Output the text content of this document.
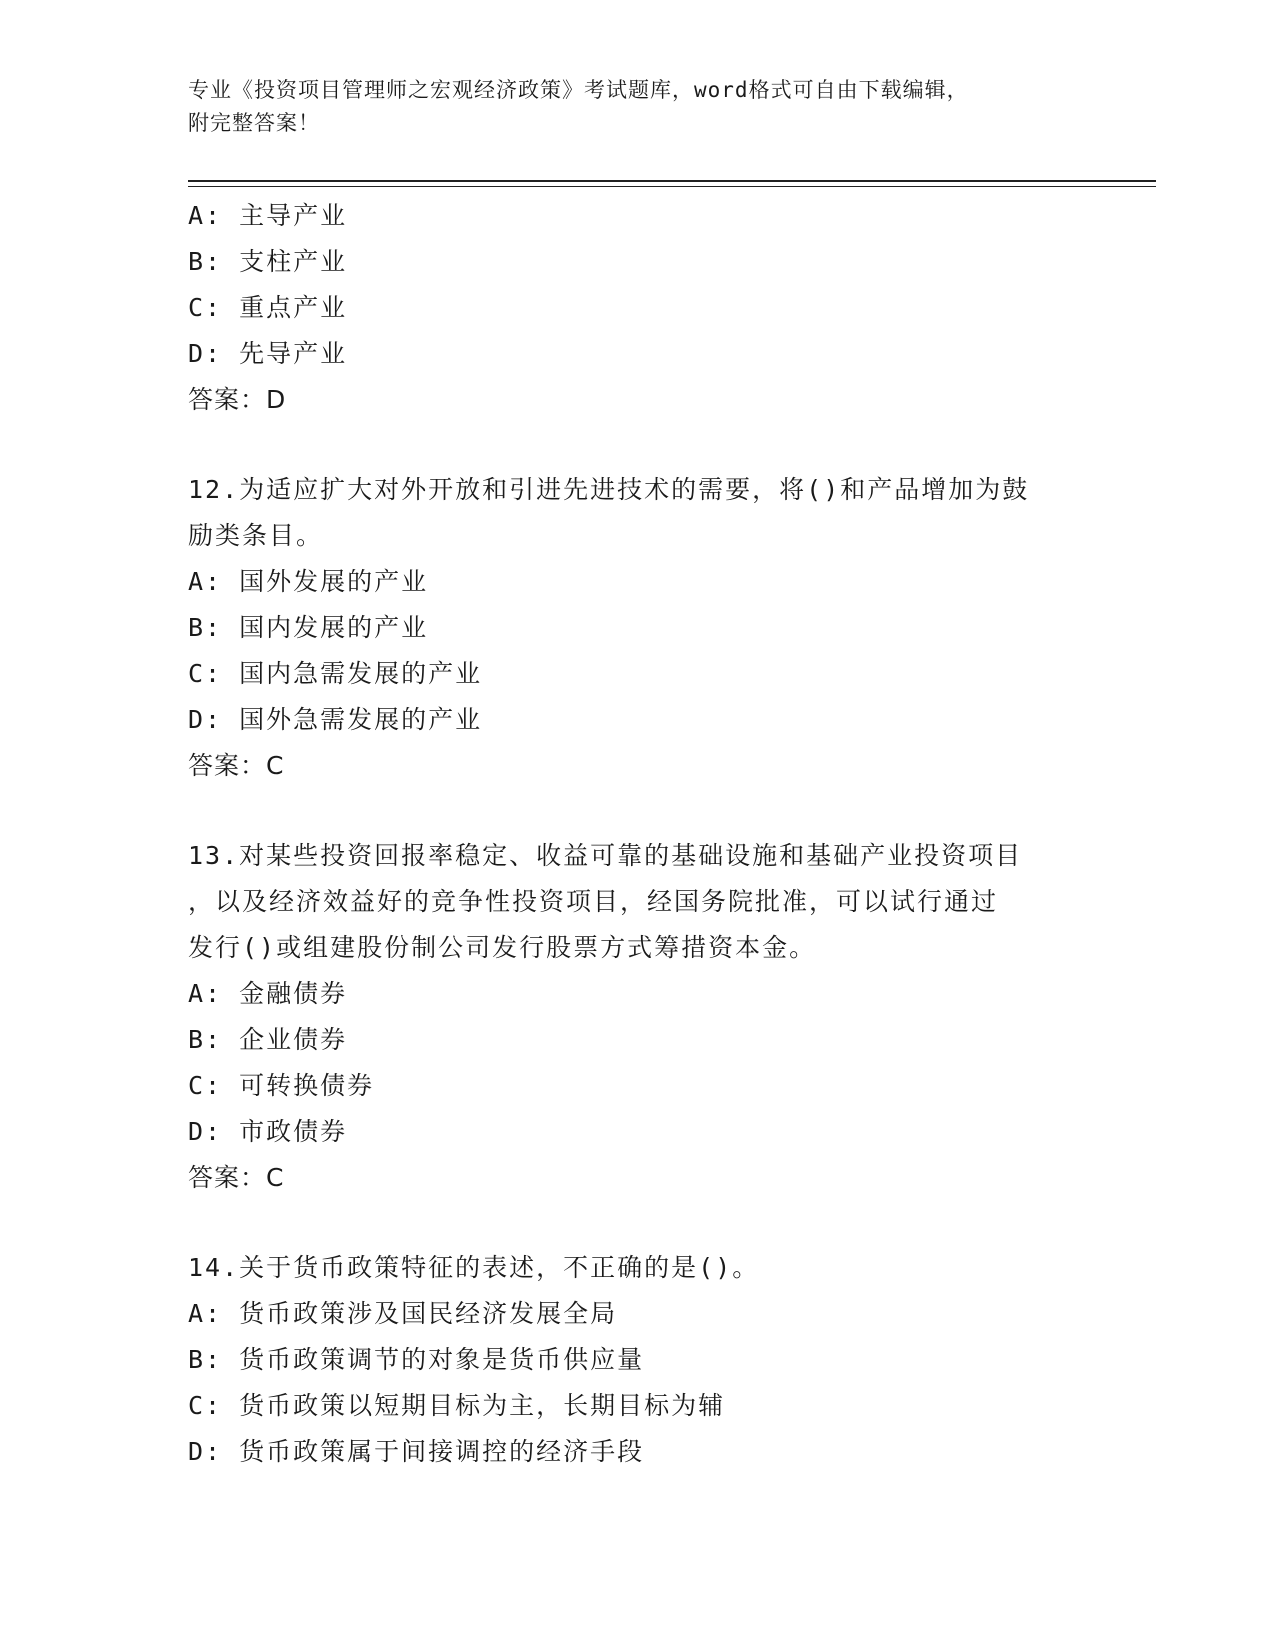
专业《投资项目管理师之宏观经济政策》考试题库，word格式可自由下载编辑，
附完整答案！
A: 主导产业
B: 支柱产业
C: 重点产业
D: 先导产业
答案：D
12.为适应扩大对外开放和引进先进技术的需要，将()和产品增加为鼓
励类条目。
A: 国外发展的产业
B: 国内发展的产业
C: 国内急需发展的产业
D: 国外急需发展的产业
答案：C
13.对某些投资回报率稳定、收益可靠的基础设施和基础产业投资项目
，以及经济效益好的竞争性投资项目，经国务院批准，可以试行通过
发行()或组建股份制公司发行股票方式筹措资本金。
A: 金融债券
B: 企业债券
C: 可转换债券
D: 市政债券
答案：C
14.关于货币政策特征的表述，不正确的是()。
A: 货币政策涉及国民经济发展全局
B: 货币政策调节的对象是货币供应量
C: 货币政策以短期目标为主，长期目标为辅
D: 货币政策属于间接调控的经济手段
